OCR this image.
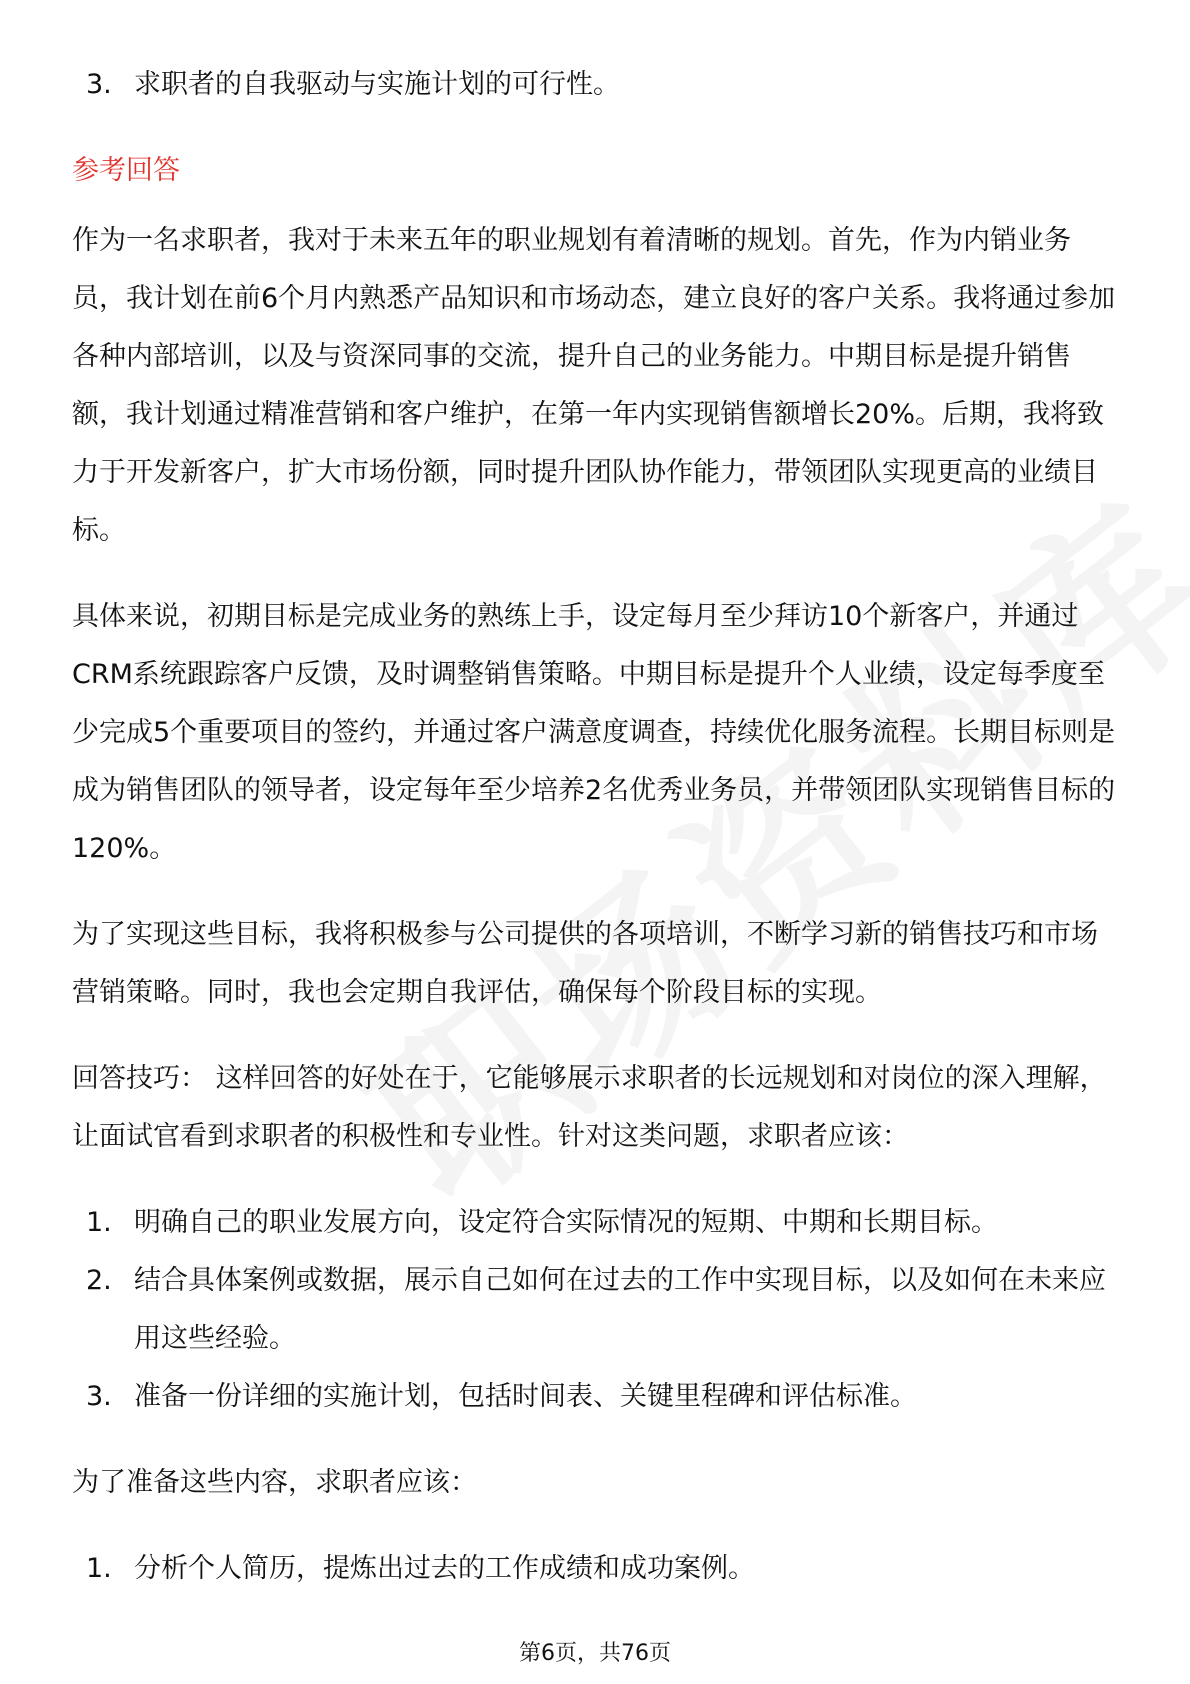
3. 求职者的自我驱动与实施计划的可行性。
参考回答

作为一名求职者，我对于未来五年的职业规划有着清晰的规划。首先，作为内销业务员，我计划在前6个月内熟悉产品知识和市场动态，建立良好的客户关系。我将通过参加各种内部培训，以及与资深同事的交流，提升自己的业务能力。中期目标是提升销售额，我计划通过精准营销和客户维护，在第一年内实现销售额增长20%。后期，我将致力于开发新客户，扩大市场份额，同时提升团队协作能力，带领团队实现更高的业绩目标。

具体来说，初期目标是完成业务的熟练上手，设定每月至少拜访10个新客户，并通过CRM系统跟踪客户反馈，及时调整销售策略。中期目标是提升个人业绩，设定每季度至少完成5个重要项目的签约，并通过客户满意度调查，持续优化服务流程。长期目标则是成为销售团队的领导者，设定每年至少培养2名优秀业务员，并带领团队实现销售目标的120%。

为了实现这些目标，我将积极参与公司提供的各项培训，不断学习新的销售技巧和市场营销策略。同时，我也会定期自我评估，确保每个阶段目标的实现。

回答技巧： 这样回答的好处在于，它能够展示求职者的长远规划和对岗位的深入理解，让面试官看到求职者的积极性和专业性。针对这类问题，求职者应该：

1. 明确自己的职业发展方向，设定符合实际情况的短期、中期和长期目标。
2. 结合具体案例或数据，展示自己如何在过去的工作中实现目标，以及如何在未来应用这些经验。
3. 准备一份详细的实施计划，包括时间表、关键里程碑和评估标准。

为了准备这些内容，求职者应该：

1. 分析个人简历，提炼出过去的工作成绩和成功案例。
第6页，共76页
